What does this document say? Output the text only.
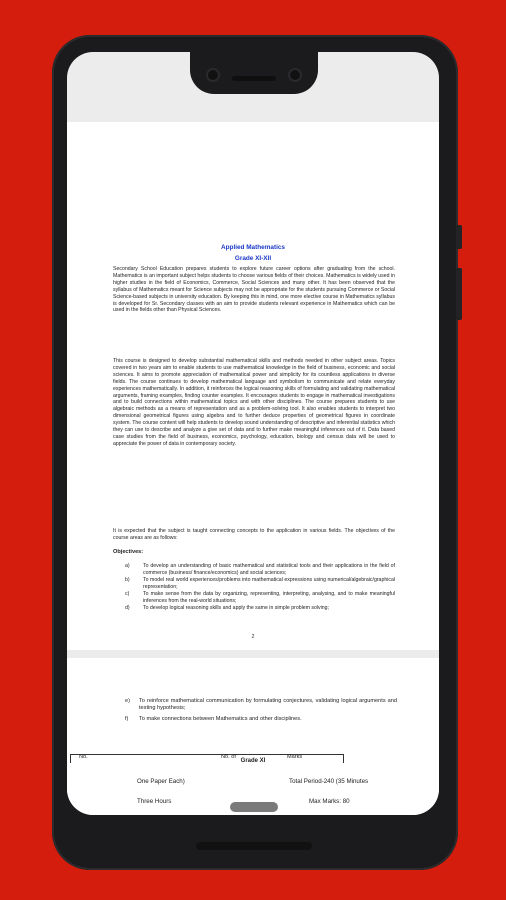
Applied Mathematics
Grade XI-XII

Secondary School Education prepares students to explore future career options after graduating from the school. Mathematics is an important subject helps students to choose various fields of their choices. Mathematics is widely used in higher studies in the field of Economics, Commerce, Social Sciences and many other. It has been observed that the syllabus of Mathematics meant for Science subjects may not be appropriate for the students pursuing Commerce or Social Science-based subjects in university education. By keeping this in mind, one more elective course in Mathematics syllabus is developed for Sr. Secondary classes with an aim to provide students relevant experience in Mathematics which can be used in the fields other than Physical Sciences.

This course is designed to develop substantial mathematical skills and methods needed in other subject areas. Topics covered in two years aim to enable students to use mathematical knowledge in the field of business, economic and social sciences. It aims to promote appreciation of mathematical power and simplicity for its countless applications in diverse fields. The course continues to develop mathematical language and symbolism to communicate and relate everyday experiences mathematically. In addition, it reinforces the logical reasoning skills of formulating and validating mathematical arguments, framing examples, finding counter examples. It encourages students to engage in mathematical investigations and to build connections within mathematical topics and with other disciplines. The course prepares students to use algebraic methods as a means of representation and as a problem-solving tool. It also enables students to interpret two dimensional geometrical figures using algebra and to further deduce properties of geometrical figures in coordinate system. The course content will help students to develop sound understanding of descriptive and inferential statistics which they can use to describe and analyze a give set of data and to further make meaningful inferences out of it. Data based case studies from the field of business, economics, psychology, education, biology and census data will be used to appreciate the power of data in contemporary society.

It is expected that the subject is taught connecting concepts to the application in various fields. The objectives of the course areas are as follows:

Objectives:
a)	To develop an understanding of basic mathematical and statistical tools and their applications in the field of commerce (business/ finance/economics) and social sciences;
b)	To model real world experiences/problems into mathematical expressions using numerical/algebraic/graphical representation;
c)	To make sense from the data by organizing, representing, interpreting, analysing, and to make meaningful inferences from the real-world situations;
d)	To develop logical reasoning skills and apply the same in simple problem solving;
2
e)	To reinforce mathematical communication by formulating conjectures, validating logical arguments and testing hypothesis;
f)	To make connections between Mathematics and other disciplines.
Grade XI
One Paper Each)	Total Period-240 (35 Minutes
Three Hours	Max Marks: 80
No.	No. of	Marks
